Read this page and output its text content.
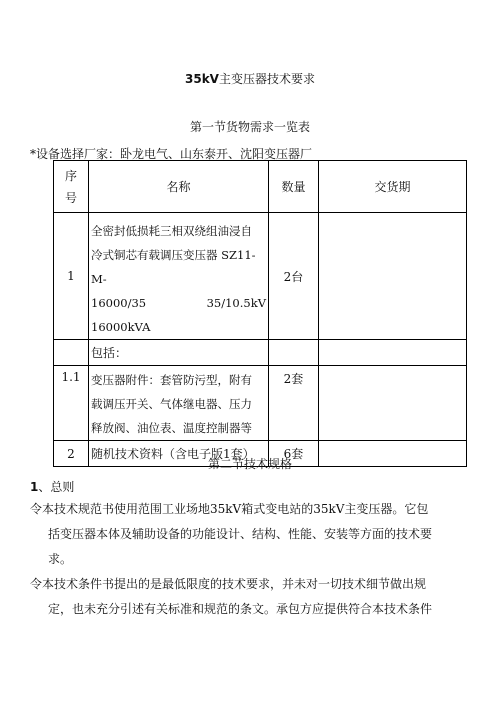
35kV主变压器技术要求
第一节货物需求一览表
*设备选择厂家：卧龙电气、山东泰开、沈阳变压器厂
序
号	名称	数量	交货期
1	全密封低损耗三相双绕组油浸自
冷式铜芯有载调压变压器 SZ11-M-
16000/35 35/10.5kV
16000kVA	2台	
	包括：		
1.1	变压器附件：套管防污型，附有
载调压开关、气体继电器、压力
释放阀、油位表、温度控制器等	2套	
2	随机技术资料（含电子版1套）	6套	
第二节技术规格
1、总则
令本技术规范书使用范围工业场地35kV箱式变电站的35kV主变压器。它包
括变压器本体及辅助设备的功能设计、结构、性能、安装等方面的技术要
求。
令本技术条件书提出的是最低限度的技术要求，并未对一切技术细节做出规
定，也未充分引述有关标准和规范的条文。承包方应提供符合本技术条件
